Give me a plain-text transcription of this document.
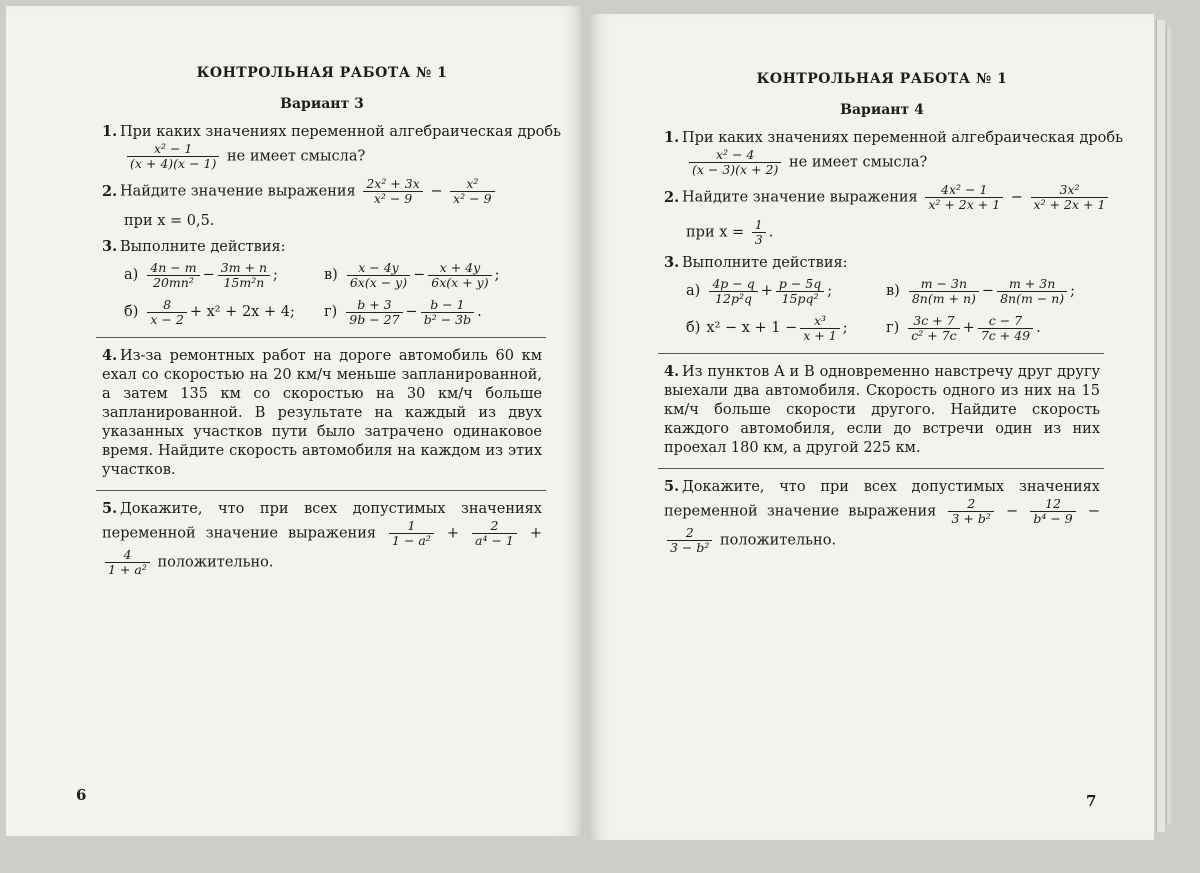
КОНТРОЛЬНАЯ РАБОТА № 1
Вариант 3
1. При каких значениях переменной алгебраическая дробь
$\frac{\text{x² − 1}}{(x + 4)(x - 1)}$ не имеет смысла?
2. Найдите значение выражения $\frac{\text{2x² + 3x}}{\text{x² − 9}} - \frac{\text{x²}}{\text{x² − 9}}$
при x = 0,5.
3. Выполните действия:
$а) \frac{4n - m}{\text{20mn²}} - \frac{3m + n}{\text{15m²n}}$ ;	$в) \frac{x - 4y}{6x(x - y)} - \frac{x + 4y}{6x(x + y)}$ ;
$б) \frac{8}{x - 2} + x^2 + 2x + 4$; $г) \frac{b + 3}{9b - 27} - \frac{b - 1}{\text{b² − 3b}}$ .
4. Из-за ремонтных работ на дороге автомобиль 60 км ехал со скоростью на 20 км/ч меньше запланированной, а затем 135 км со скоростью на 30 км/ч больше запланированной. В результате на каждый из двух указанных участков пути было затрачено одинаковое время. Найдите скорость автомобиля на каждом из этих участков.
5. Докажите, что при всех допустимых значениях переменной значение выражения $\frac{1}{\text{1 − a²}} + \frac{2}{\text{a⁴ − 1}}$ +
$\frac{4}{\text{1 + a²}}$ положительно.
6
КОНТРОЛЬНАЯ РАБОТА № 1
Вариант 4
1. При каких значениях переменной алгебраическая дробь
$\frac{\text{x² − 4}}{(x - 3)(x + 2)}$ не имеет смысла?
2. Найдите значение выражения $\frac{\text{4x² − 1}}{\text{x² + 2x + 1}} - \frac{\text{3x²}}{\text{x² + 2x + 1}}$
при $x = \frac{1}{3}$ .
3. Выполните действия:
$а) \frac{4p - q}{\text{12p²q}} + \frac{p - 5q}{\text{15pq²}}$ ;	$в) \frac{m - 3n}{8n(m + n)} - \frac{m + 3n}{8n(m - n)}$ ;
б) $x^2 - x + 1 - \frac{\text{x³}}{x + 1}$ ;	$г) \frac{3c + 7}{\text{c² + 7c}} + \frac{c - 7}{7c + 49}$ .
4. Из пунктов A и B одновременно навстречу друг другу выехали два автомобиля. Скорость одного из них на 15 км/ч больше скорости другого. Найдите скорость каждого автомобиля, если до встречи один из них проехал 180 км, а другой 225 км.
5. Докажите, что при всех допустимых значениях переменной значение выражения $\frac{2}{\text{3 + b²}} - \frac{12}{\text{b⁴ − 9}}$ −
$\frac{2}{\text{3 − b²}}$ положительно.
7
